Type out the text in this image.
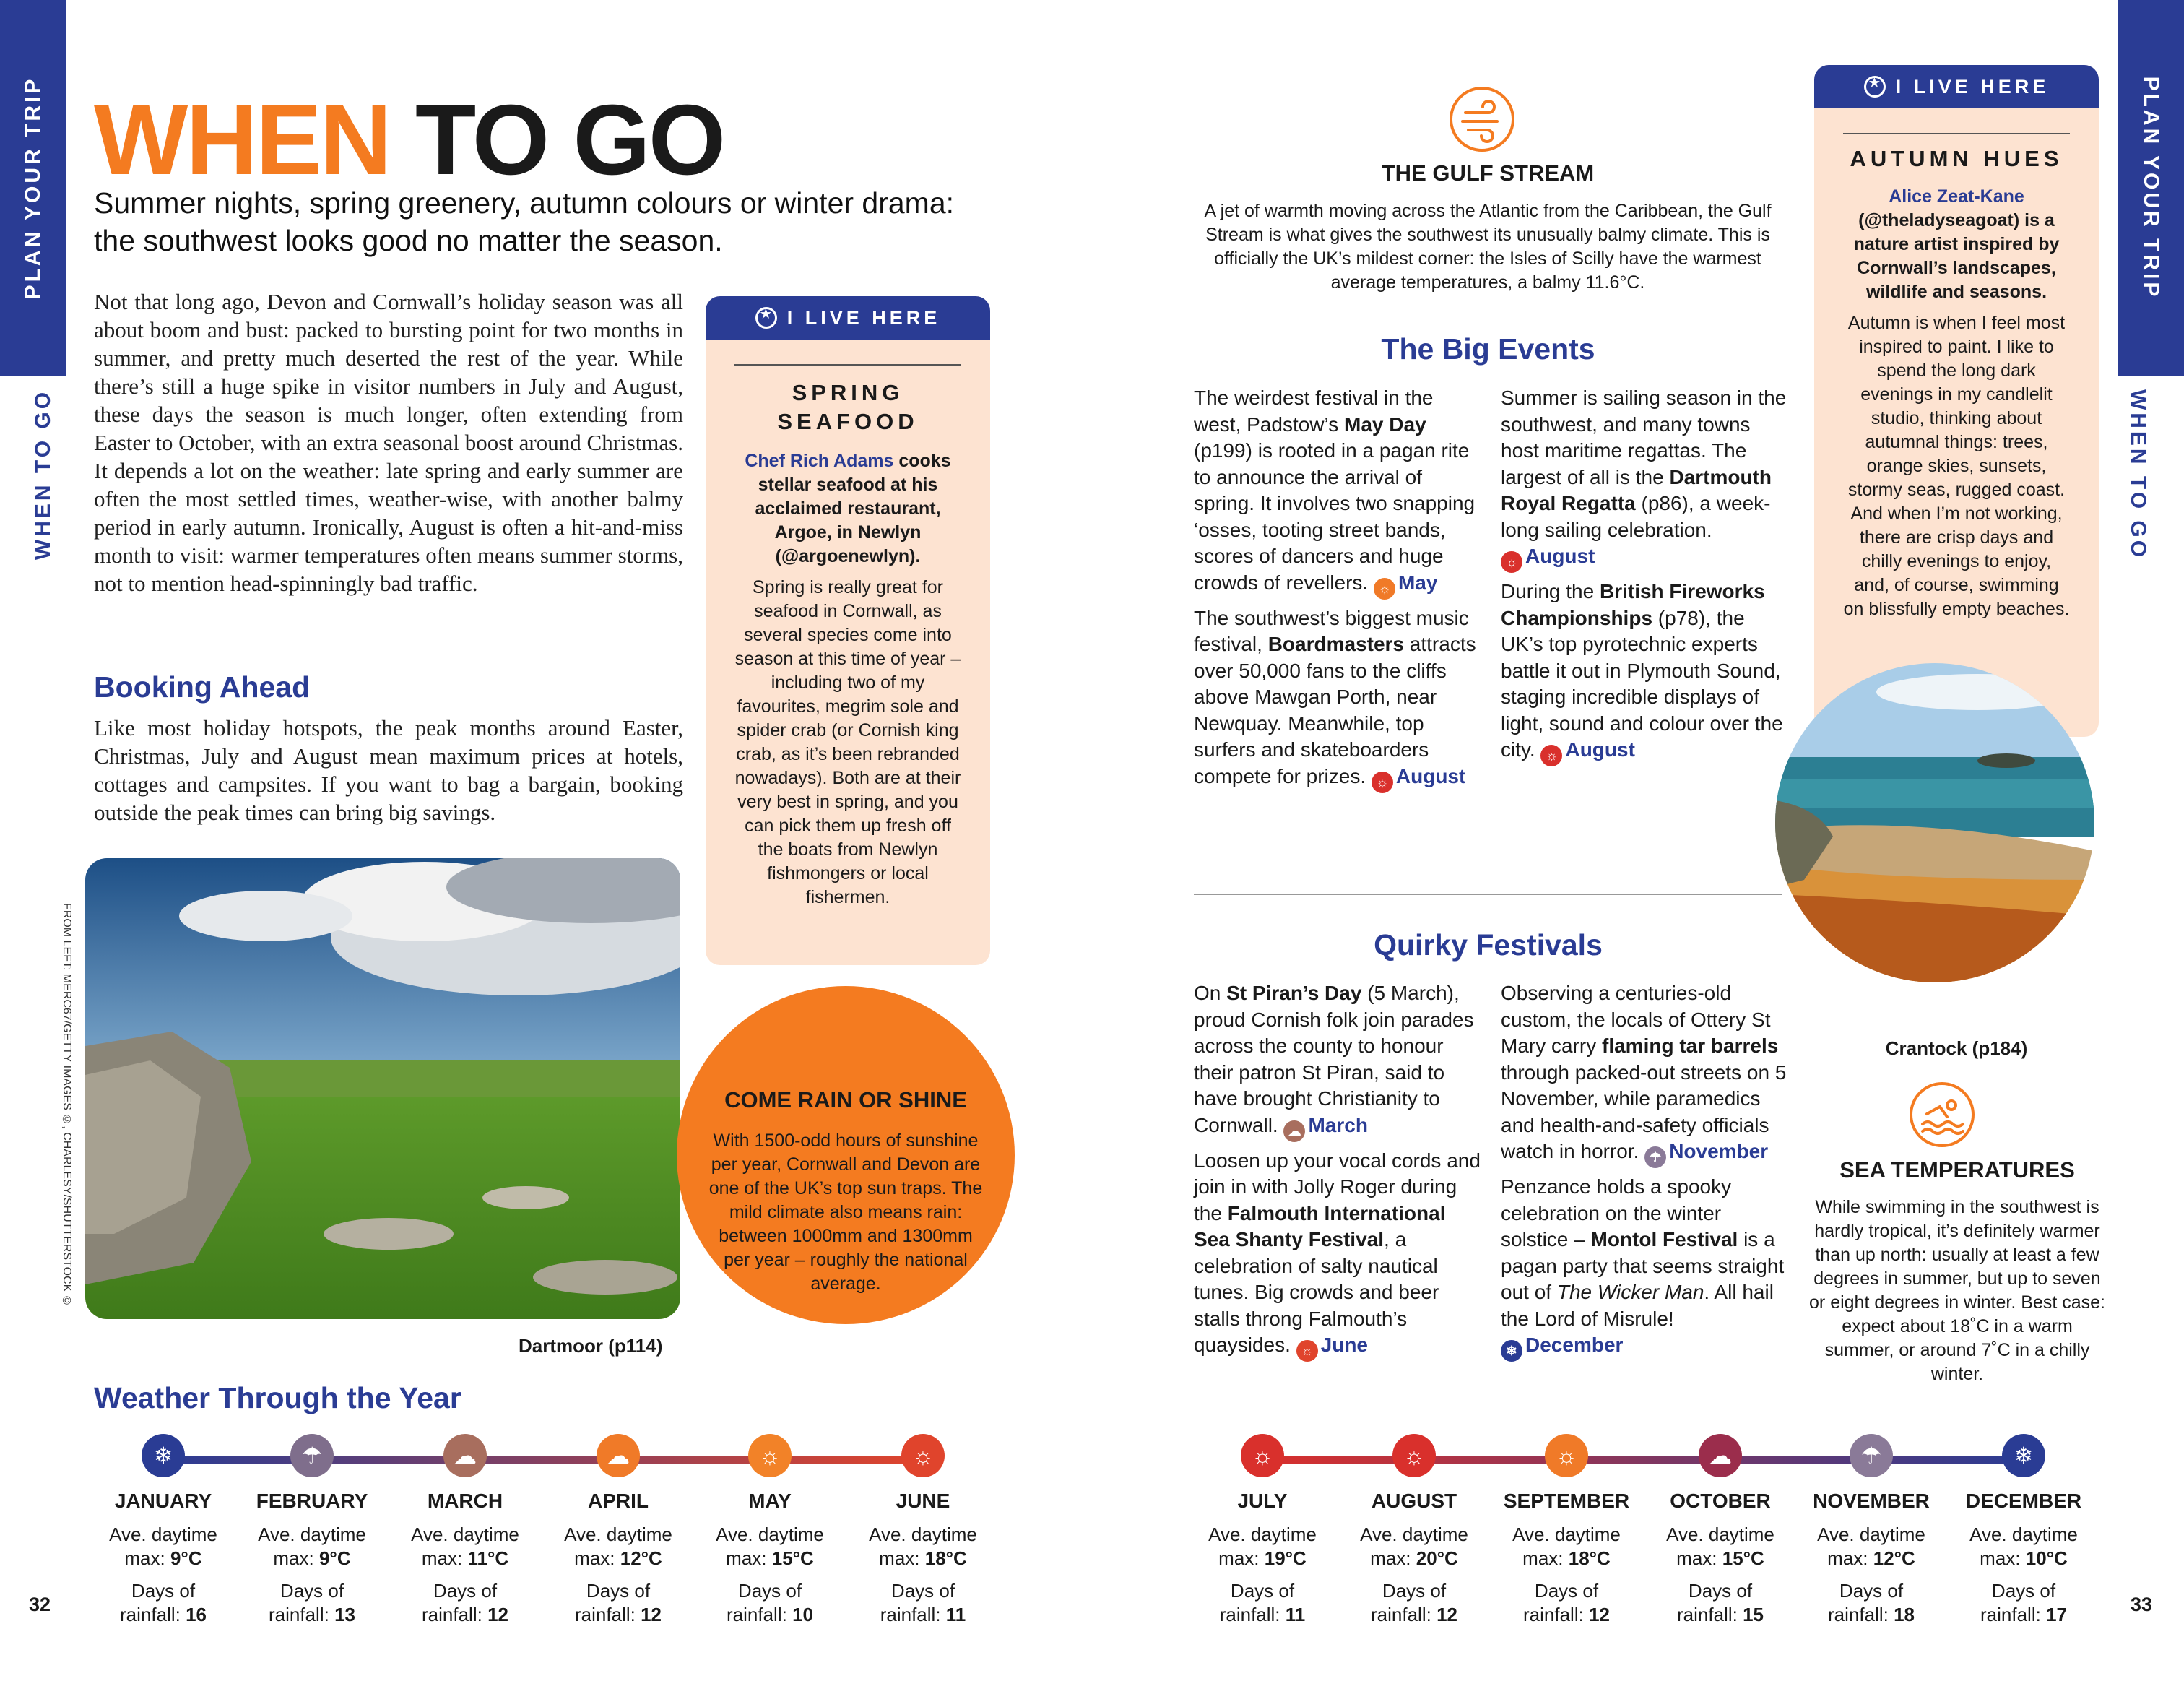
PLAN YOUR TRIP
WHEN TO GO
PLAN YOUR TRIP
WHEN TO GO
32	33
WHEN TO GO
Summer nights, spring greenery, autumn colours or winter drama: the southwest looks good no matter the season.
Not that long ago, Devon and Cornwall’s holiday season was all about boom and bust: packed to bursting point for two months in summer, and pretty much deserted the rest of the year. While there’s still a huge spike in visitor numbers in July and August, these days the season is much longer, often extending from Easter to October, with an extra seasonal boost around Christmas. It depends a lot on the weather: late spring and early summer are often the most settled times, weather-wise, with another balmy period in early autumn. Ironically, August is often a hit-and-miss month to visit: warmer temperatures often means summer storms, not to mention head-spinningly bad traffic.
Booking Ahead
Like most holiday hotspots, the peak months around Easter, Christmas, July and August mean maximum prices at hotels, cottages and campsites. If you want to bag a bargain, booking outside the peak times can bring big savings.
FROM LEFT: MERC67/GETTY IMAGES ©, CHARLESY/SHUTTERSTOCK ©
Dartmoor (p114)
★
I LIVE HERE
SPRING SEAFOOD
Chef Rich Adams cooks stellar seafood at his acclaimed restaurant, Argoe, in Newlyn (@argoenewlyn).
Spring is really great for seafood in Cornwall, as several species come into season at this time of year – including two of my favourites, megrim sole and spider crab (or Cornish king crab, as it’s been rebranded nowadays). Both are at their very best in spring, and you can pick them up fresh off the boats from Newlyn fishmongers or local fishermen.
COME RAIN OR SHINE
With 1500-odd hours of sunshine per year, Cornwall and Devon are one of the UK’s top sun traps. The mild climate also means rain: between 1000mm and 1300mm per year – roughly the national average.
THE GULF STREAM
A jet of warmth moving across the Atlantic from the Caribbean, the Gulf Stream is what gives the southwest its unusually balmy climate. This is officially the UK’s mildest corner: the Isles of Scilly have the warmest average temperatures, a balmy 11.6°C.
The Big Events

The weirdest festival in the west, Padstow’s May Day (p199) is rooted in a pagan rite to announce the arrival of spring. It involves two snapping ‘osses, tooting street bands, scores of dancers and huge crowds of revellers. ☼ May

The southwest’s biggest music festival, Boardmasters attracts over 50,000 fans to the cliffs above Mawgan Porth, near Newquay. Meanwhile, top surfers and skateboarders compete for prizes. ☼ August

Summer is sailing season in the southwest, and many towns host maritime regattas. The largest of all is the Dartmouth Royal Regatta (p86), a week-long sailing celebration. ☼ August

During the British Fireworks Championships (p78), the UK’s top pyrotechnic experts battle it out in Plymouth Sound, staging incredible displays of light, sound and colour over the city. ☼ August

Quirky Festivals

On St Piran’s Day (5 March), proud Cornish folk join parades across the county to honour their patron St Piran, said to have brought Christianity to Cornwall. ☁ March

Loosen up your vocal cords and join in with Jolly Roger during the Falmouth International Sea Shanty Festival, a celebration of salty nautical tunes. Big crowds and beer stalls throng Falmouth’s quaysides. ☼ June

Observing a centuries-old custom, the locals of Ottery St Mary carry flaming tar barrels through packed-out streets on 5 November, while paramedics and health-and-safety officials watch in horror. ☂ November

Penzance holds a spooky celebration on the winter solstice – Montol Festival is a pagan party that seems straight out of The Wicker Man. All hail the Lord of Misrule! ❄ December

★
I LIVE HERE
AUTUMN HUES
Alice Zeat-Kane
(@theladyseagoat) is a nature artist inspired by Cornwall’s landscapes, wildlife and seasons.
Autumn is when I feel most inspired to paint. I like to spend the long dark evenings in my candlelit studio, thinking about autumnal things: trees, orange skies, sunsets, stormy seas, rugged coast. And when I’m not working, there are crisp days and chilly evenings to enjoy, and, of course, swimming on blissfully empty beaches.
Crantock (p184)
SEA TEMPERATURES
While swimming in the southwest is hardly tropical, it’s definitely warmer than up north: usually at least a few degrees in summer, but up to seven or eight degrees in winter. Best case: expect about 18˚C in a warm summer, or around 7˚C in a chilly winter.
Weather Through the Year
❄
JANUARY
Ave. daytime
max: 9°C
Days of
rainfall: 16
☂
FEBRUARY
Ave. daytime
max: 9°C
Days of
rainfall: 13
☁
MARCH
Ave. daytime
max: 11°C
Days of
rainfall: 12
☁
APRIL
Ave. daytime
max: 12°C
Days of
rainfall: 12
☼
MAY
Ave. daytime
max: 15°C
Days of
rainfall: 10
☼
JUNE
Ave. daytime
max: 18°C
Days of
rainfall: 11
☼
JULY
Ave. daytime
max: 19°C
Days of
rainfall: 11
☼
AUGUST
Ave. daytime
max: 20°C
Days of
rainfall: 12
☼
SEPTEMBER
Ave. daytime
max: 18°C
Days of
rainfall: 12
☁
OCTOBER
Ave. daytime
max: 15°C
Days of
rainfall: 15
☂
NOVEMBER
Ave. daytime
max: 12°C
Days of
rainfall: 18
❄
DECEMBER
Ave. daytime
max: 10°C
Days of
rainfall: 17
